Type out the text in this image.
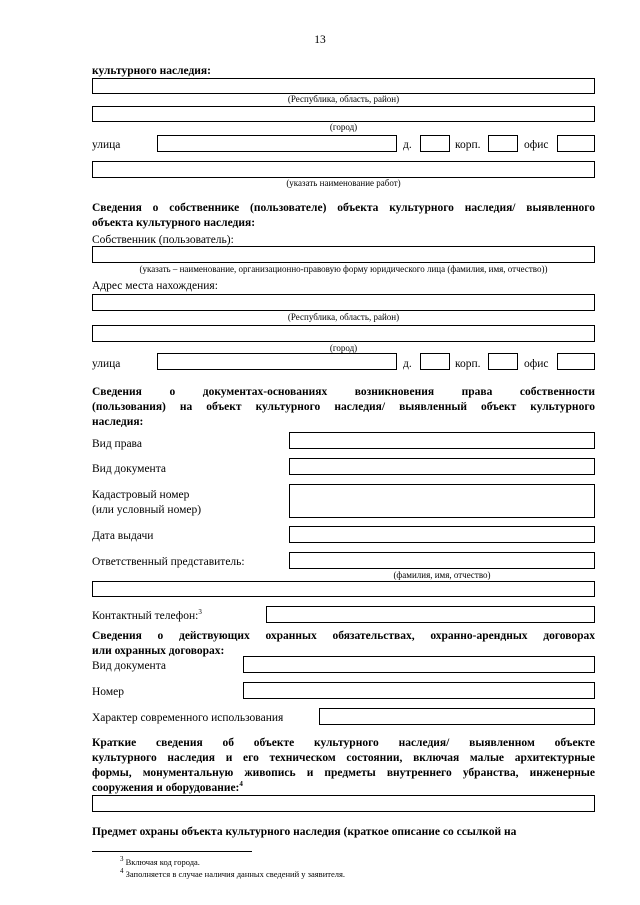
13
культурного наследия:
(Республика, область, район)
(город)
улица	д.	корп.	офис
(указать наименование работ)
Сведения о собственнике (пользователе) объекта культурного наследия/ выявленного
объекта культурного наследия:
Собственник (пользователь):
(указать – наименование, организационно-правовую форму юридического лица (фамилия, имя, отчество))
Адрес места нахождения:
(Республика, область, район)
(город)
улица	д.	корп.	офис
Сведения о документах-основаниях возникновения права собственности
(пользования) на объект культурного наследия/ выявленный объект культурного
наследия:
Вид права
Вид документа
Кадастровый номер
(или условный номер)
Дата выдачи
Ответственный представитель:
(фамилия, имя, отчество)
Контактный телефон:$^3$
Сведения о действующих охранных обязательствах, охранно-арендных договорах
или охранных договорах:
Вид документа
Номер
Характер современного использования
Краткие сведения об объекте культурного наследия/ выявленном объекте
культурного наследия и его техническом состоянии, включая малые архитектурные
формы, монументальную живопись и предметы внутреннего убранства, инженерные
сооружения и оборудование:$^4$
Предмет охраны объекта культурного наследия (краткое описание со ссылкой на
$^3$ Включая код города.
$^4$ Заполняется в случае наличия данных сведений у заявителя.
